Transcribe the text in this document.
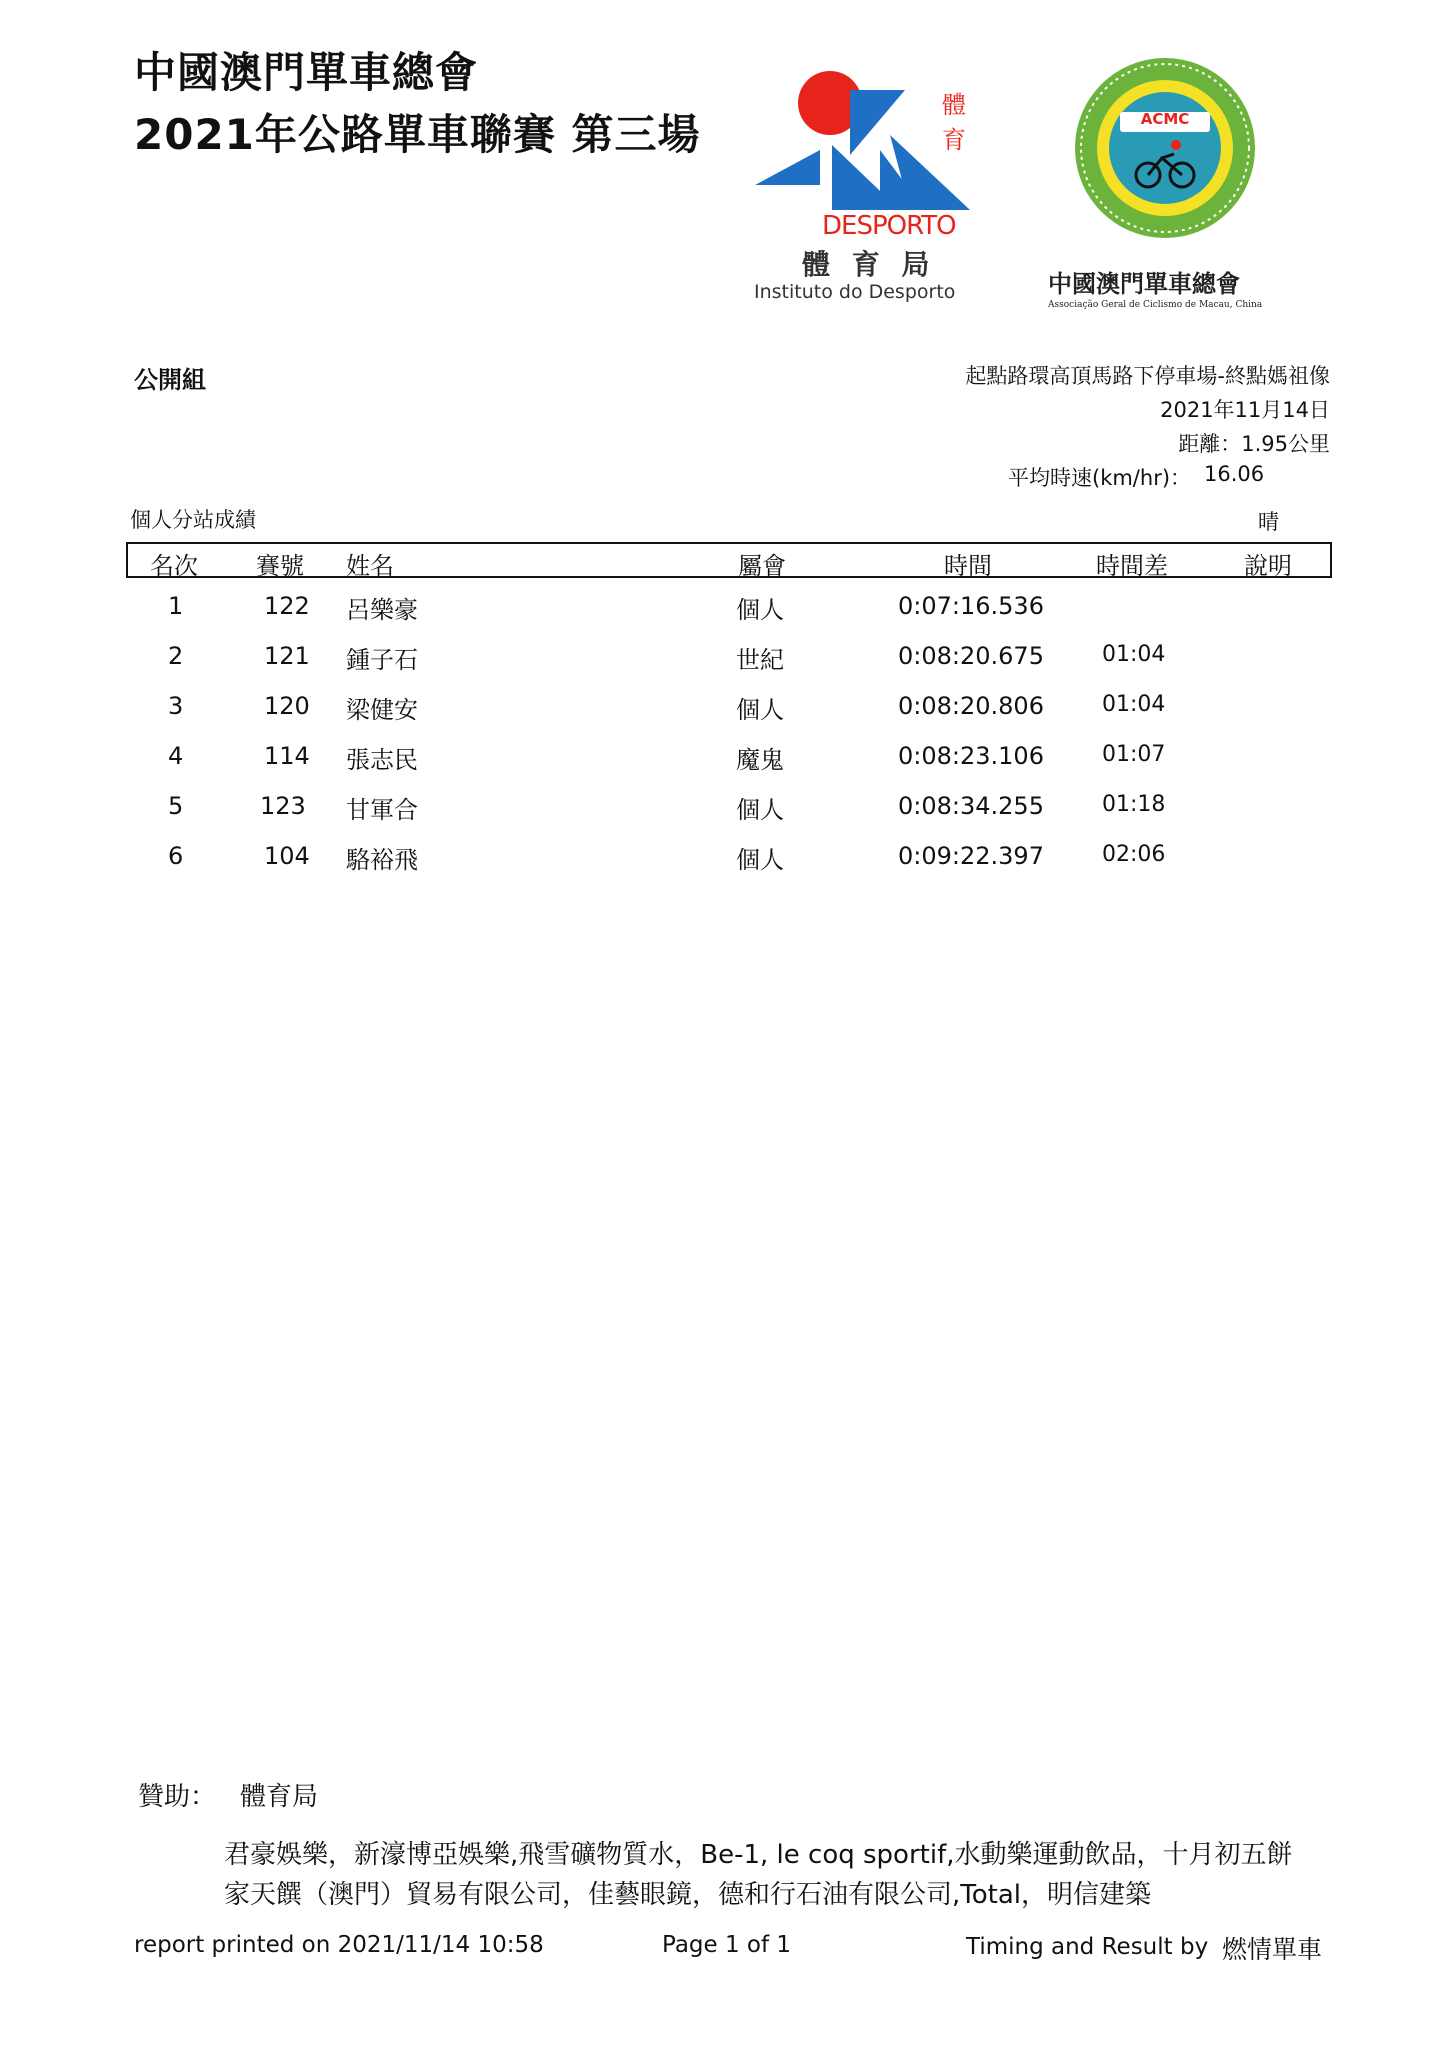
中國澳門單車總會
2021年公路單車聯賽 第三場
體
育
DESPORTO
體 育 局
Instituto do Desporto
ACMC
中國澳門單車總會
Associação Geral de Ciclismo de Macau, China
公開組	起點路環高頂馬路下停車場-終點媽祖像
2021年11月14日
距離：1.95公里
平均時速(km/hr)： 16.06
個人分站成績	晴
名次 賽號 姓名	屬會	時間	時間差	說明
1	122 呂樂豪	個人	0:07:16.536
2	121 鍾子石	世紀	0:08:20.675	01:04
3	120 梁健安	個人	0:08:20.806	01:04
4	114 張志民	魔鬼	0:08:23.106	01:07
5	123 甘軍合	個人	0:08:34.255	01:18
6	104 駱裕飛	個人	0:09:22.397	02:06
贊助： 體育局
君豪娛樂，新濠博亞娛樂,飛雪礦物質水，Be-1, le coq sportif,水動樂運動飲品，十月初五餅
家天饌（澳門）貿易有限公司，佳藝眼鏡，德和行石油有限公司,Total，明信建築
report printed on 2021/11/14 10:58	Page 1 of 1	Timing and Result by 燃情單車
